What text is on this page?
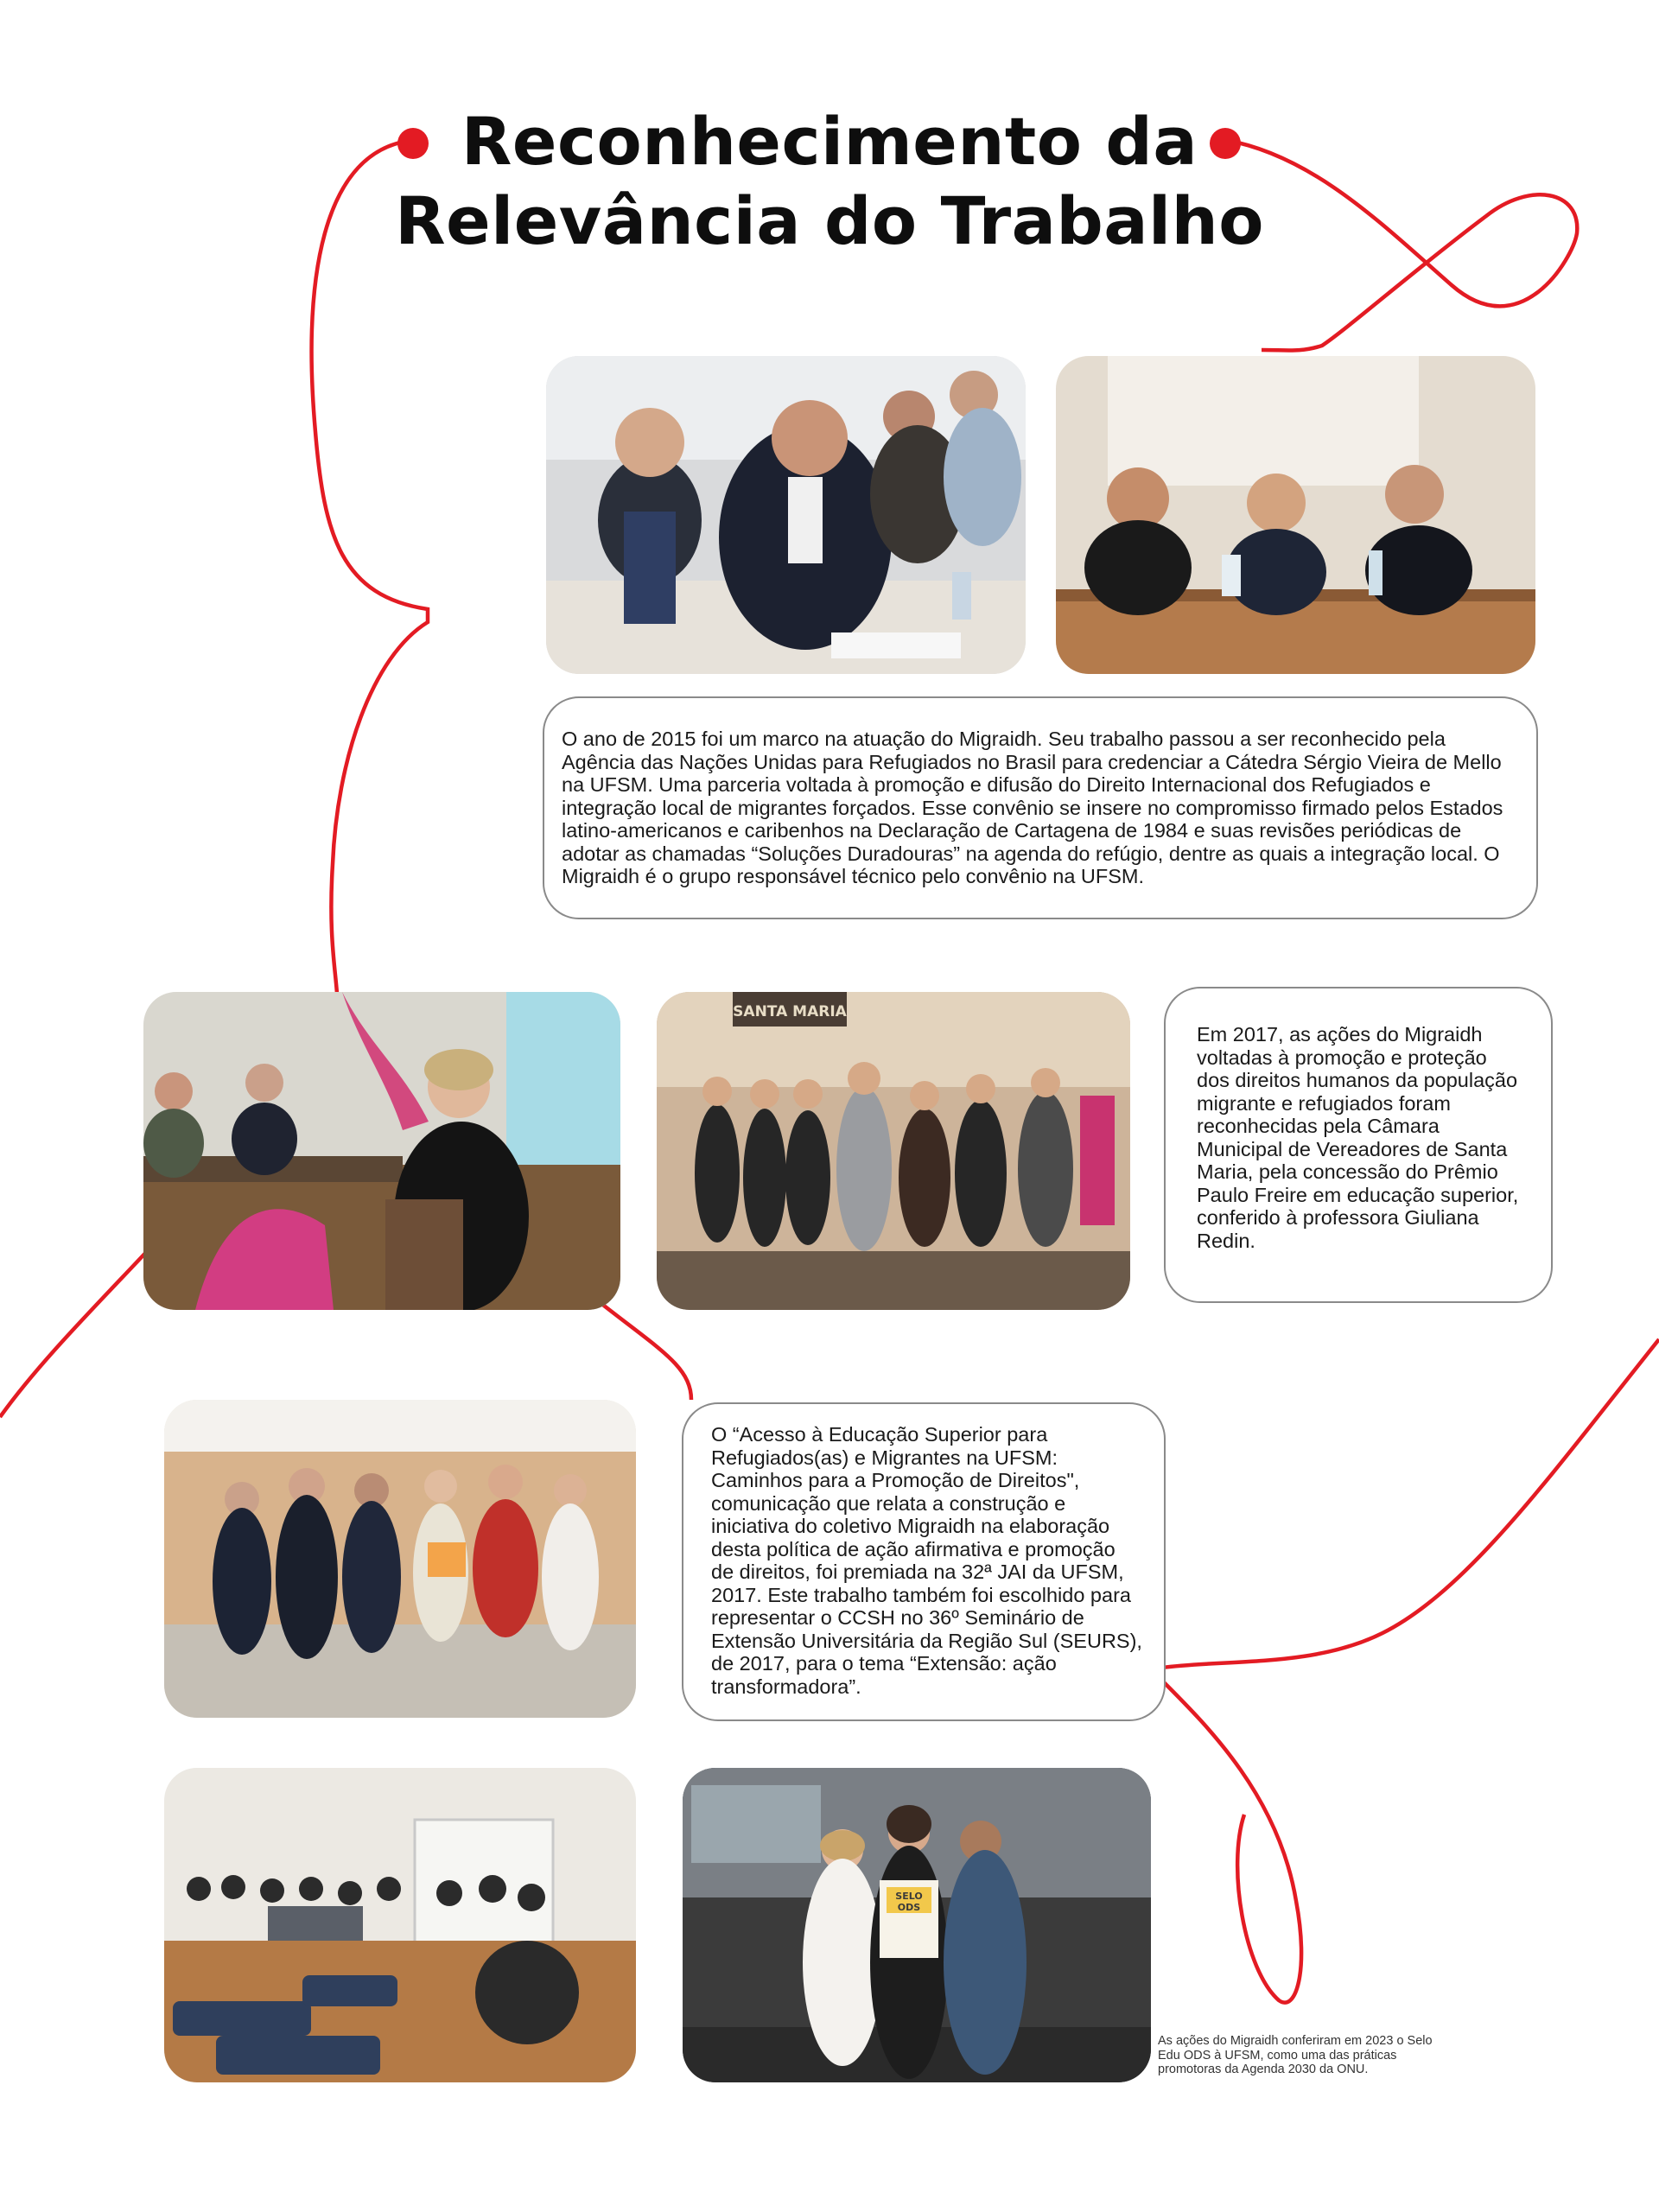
Reconhecimento da
Relevância do Trabalho
O ano de 2015 foi um marco na atuação do Migraidh. Seu trabalho passou a ser reconhecido pela Agência das Nações Unidas para Refugiados no Brasil para credenciar a Cátedra Sérgio Vieira de Mello na UFSM. Uma parceria voltada à promoção e difusão do Direito Internacional dos Refugiados e integração local de migrantes forçados. Esse convênio se insere no compromisso firmado pelos Estados latino-americanos e caribenhos na Declaração de Cartagena de 1984 e suas revisões periódicas de adotar as chamadas “Soluções Duradouras” na agenda do refúgio, dentre as quais a integração local. O Migraidh é o grupo responsável técnico pelo convênio na UFSM.
SANTA MARIA
Em 2017, as ações do Migraidh voltadas à promoção e proteção dos direitos humanos da população migrante e refugiados foram reconhecidas pela Câmara Municipal de Vereadores de Santa Maria, pela concessão do Prêmio Paulo Freire em educação superior, conferido à professora Giuliana Redin.
O “Acesso à Educação Superior para Refugiados(as) e Migrantes na UFSM: Caminhos para a Promoção de Direitos", comunicação que relata a construção e iniciativa do coletivo Migraidh na elaboração desta política de ação afirmativa e promoção de direitos, foi premiada na 32ª JAI da UFSM, 2017. Este trabalho também foi escolhido para representar o CCSH no 36º Seminário de Extensão Universitária da Região Sul (SEURS), de 2017, para o tema “Extensão: ação transformadora”.
SELO
ODS
As ações do Migraidh conferiram em 2023 o Selo Edu ODS à UFSM, como uma das práticas promotoras da Agenda 2030 da ONU.
